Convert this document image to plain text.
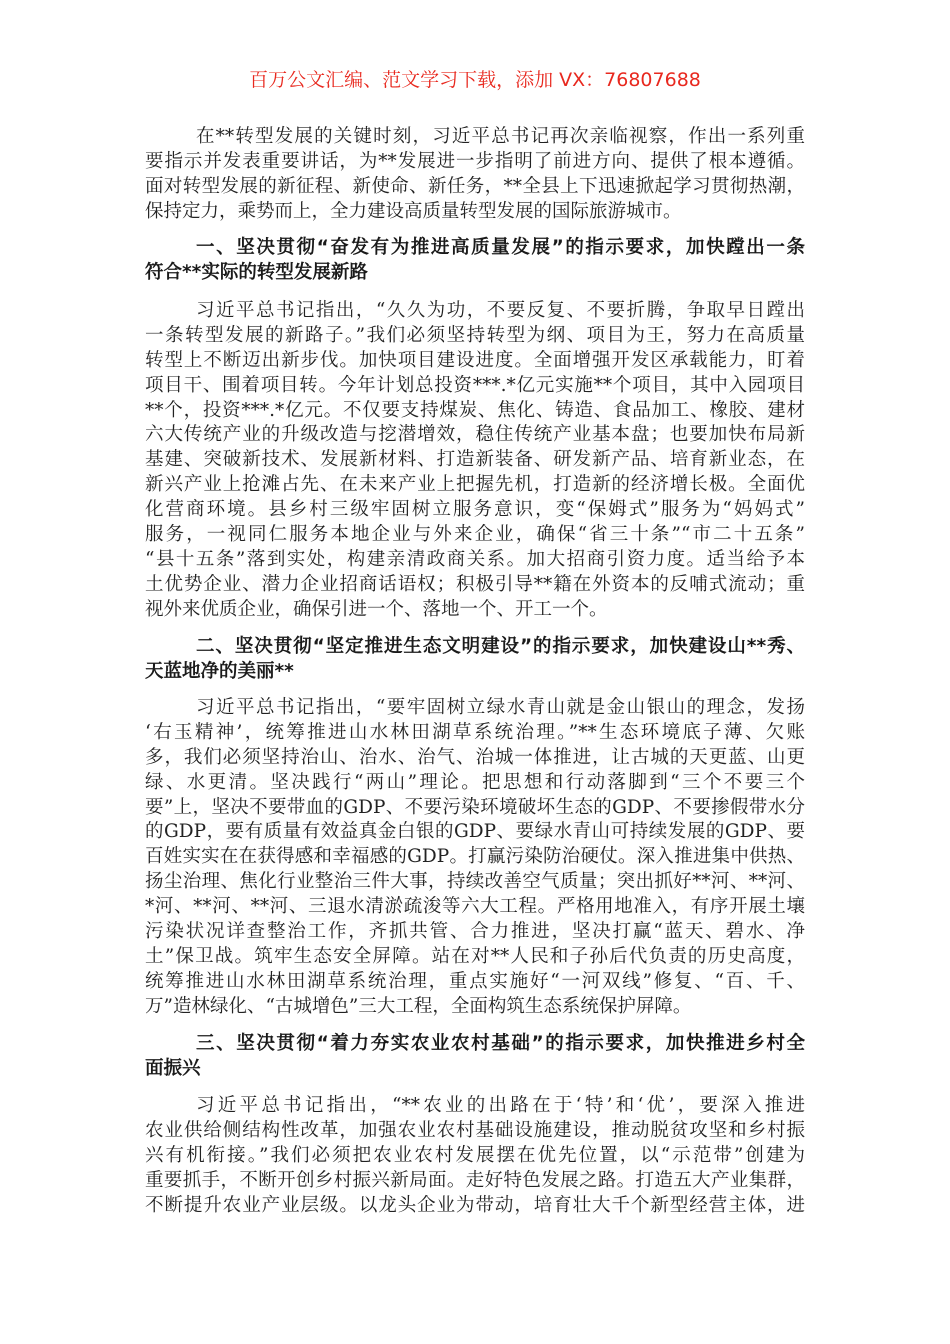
百万公文汇编、范文学习下载，添加 VX：76807688
在**转型发展的关键时刻，习近平总书记再次亲临视察，作出一系列重
要指示并发表重要讲话，为**发展进一步指明了前进方向、提供了根本遵循。
面对转型发展的新征程、新使命、新任务，**全县上下迅速掀起学习贯彻热潮，
保持定力，乘势而上，全力建设高质量转型发展的国际旅游城市。
一、坚决贯彻“奋发有为推进高质量发展”的指示要求，加快蹚出一条
符合**实际的转型发展新路
习近平总书记指出，“久久为功，不要反复、不要折腾，争取早日蹚出
一条转型发展的新路子。”我们必须坚持转型为纲、项目为王，努力在高质量
转型上不断迈出新步伐。加快项目建设进度。全面增强开发区承载能力，盯着
项目干、围着项目转。今年计划总投资***.*亿元实施**个项目，其中入园项目
**个，投资***.*亿元。不仅要支持煤炭、焦化、铸造、食品加工、橡胶、建材
六大传统产业的升级改造与挖潜增效，稳住传统产业基本盘；也要加快布局新
基建、突破新技术、发展新材料、打造新装备、研发新产品、培育新业态，在
新兴产业上抢滩占先、在未来产业上把握先机，打造新的经济增长极。全面优
化营商环境。县乡村三级牢固树立服务意识，变“保姆式”服务为“妈妈式”
服务，一视同仁服务本地企业与外来企业，确保“省三十条”“市二十五条”
“县十五条”落到实处，构建亲清政商关系。加大招商引资力度。适当给予本
土优势企业、潜力企业招商话语权；积极引导**籍在外资本的反哺式流动；重
视外来优质企业，确保引进一个、落地一个、开工一个。
二、坚决贯彻“坚定推进生态文明建设”的指示要求，加快建设山**秀、
天蓝地净的美丽**
习近平总书记指出，“要牢固树立绿水青山就是金山银山的理念，发扬
‘右玉精神’，统筹推进山水林田湖草系统治理。”**生态环境底子薄、欠账
多，我们必须坚持治山、治水、治气、治城一体推进，让古城的天更蓝、山更
绿、水更清。坚决践行“两山”理论。把思想和行动落脚到“三个不要三个
要”上，坚决不要带血的GDP、不要污染环境破坏生态的GDP、不要掺假带水分
的GDP，要有质量有效益真金白银的GDP、要绿水青山可持续发展的GDP、要
百姓实实在在获得感和幸福感的GDP。打赢污染防治硬仗。深入推进集中供热、
扬尘治理、焦化行业整治三件大事，持续改善空气质量；突出抓好**河、**河、
*河、**河、**河、三退水清淤疏浚等六大工程。严格用地准入，有序开展土壤
污染状况详查整治工作，齐抓共管、合力推进，坚决打赢“蓝天、碧水、净
土”保卫战。筑牢生态安全屏障。站在对**人民和子孙后代负责的历史高度，
统筹推进山水林田湖草系统治理，重点实施好“一河双线”修复、“百、千、
万”造林绿化、“古城增色”三大工程，全面构筑生态系统保护屏障。
三、坚决贯彻“着力夯实农业农村基础”的指示要求，加快推进乡村全
面振兴
习近平总书记指出，“**农业的出路在于‘特’和‘优’，要深入推进
农业供给侧结构性改革，加强农业农村基础设施建设，推动脱贫攻坚和乡村振
兴有机衔接。”我们必须把农业农村发展摆在优先位置，以“示范带”创建为
重要抓手，不断开创乡村振兴新局面。走好特色发展之路。打造五大产业集群，
不断提升农业产业层级。以龙头企业为带动，培育壮大千个新型经营主体，进
